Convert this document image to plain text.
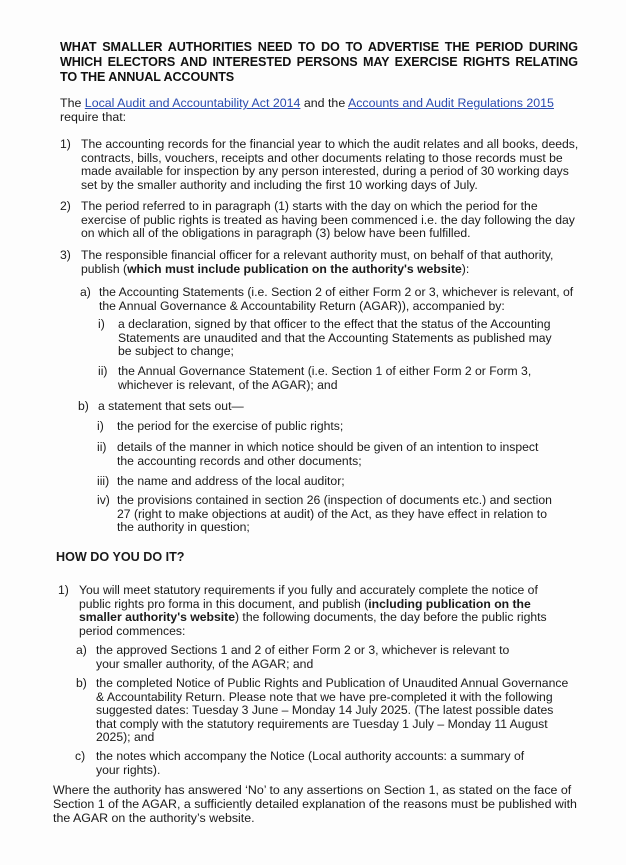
WHAT SMALLER AUTHORITIES NEED TO DO TO ADVERTISE THE PERIOD DURING WHICH ELECTORS AND INTERESTED PERSONS MAY EXERCISE RIGHTS RELATING TO THE ANNUAL ACCOUNTS
The Local Audit and Accountability Act 2014 and the Accounts and Audit Regulations 2015 require that:
1) The accounting records for the financial year to which the audit relates and all books, deeds, contracts, bills, vouchers, receipts and other documents relating to those records must be made available for inspection by any person interested, during a period of 30 working days set by the smaller authority and including the first 10 working days of July.
2) The period referred to in paragraph (1) starts with the day on which the period for the exercise of public rights is treated as having been commenced i.e. the day following the day on which all of the obligations in paragraph (3) below have been fulfilled.
3) The responsible financial officer for a relevant authority must, on behalf of that authority, publish (which must include publication on the authority's website):
a) the Accounting Statements (i.e. Section 2 of either Form 2 or 3, whichever is relevant, of the Annual Governance & Accountability Return (AGAR)), accompanied by:
i) a declaration, signed by that officer to the effect that the status of the Accounting Statements are unaudited and that the Accounting Statements as published may be subject to change;
ii) the Annual Governance Statement (i.e. Section 1 of either Form 2 or Form 3, whichever is relevant, of the AGAR); and
b) a statement that sets out—
i) the period for the exercise of public rights;
ii) details of the manner in which notice should be given of an intention to inspect the accounting records and other documents;
iii) the name and address of the local auditor;
iv) the provisions contained in section 26 (inspection of documents etc.) and section 27 (right to make objections at audit) of the Act, as they have effect in relation to the authority in question;
HOW DO YOU DO IT?
1) You will meet statutory requirements if you fully and accurately complete the notice of public rights pro forma in this document, and publish (including publication on the smaller authority's website) the following documents, the day before the public rights period commences:
a) the approved Sections 1 and 2 of either Form 2 or 3, whichever is relevant to your smaller authority, of the AGAR; and
b) the completed Notice of Public Rights and Publication of Unaudited Annual Governance & Accountability Return. Please note that we have pre-completed it with the following suggested dates: Tuesday 3 June – Monday 14 July 2025. (The latest possible dates that comply with the statutory requirements are Tuesday 1 July – Monday 11 August 2025); and
c) the notes which accompany the Notice (Local authority accounts: a summary of your rights).
Where the authority has answered ‘No’ to any assertions on Section 1, as stated on the face of Section 1 of the AGAR, a sufficiently detailed explanation of the reasons must be published with the AGAR on the authority’s website.
